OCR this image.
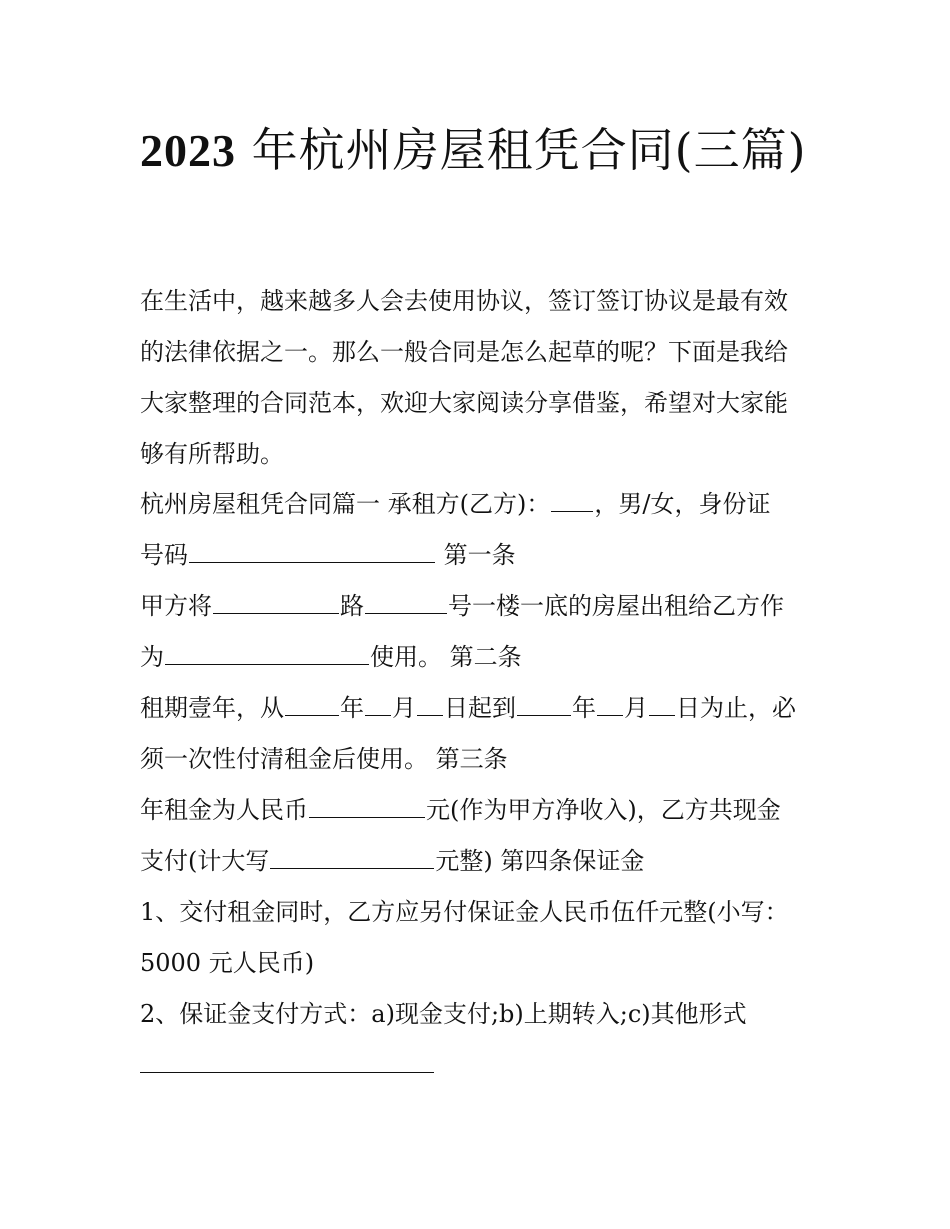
2023 年杭州房屋租凭合同(三篇)
在生活中，越来越多人会去使用协议，签订签订协议是最有效
的法律依据之一。那么一般合同是怎么起草的呢？下面是我给
大家整理的合同范本，欢迎大家阅读分享借鉴，希望对大家能
够有所帮助。
杭州房屋租凭合同篇一 承租方(乙方)： ，男/女，身份证
号码	第一条
甲方将	路	号一楼一底的房屋出租给乙方作
为	使用。 第二条
租期壹年，从 年 月 日起到 年 月 日为止，必
须一次性付清租金后使用。 第三条
年租金为人民币	元(作为甲方净收入)，乙方共现金
支付(计大写	元整) 第四条保证金
1、交付租金同时，乙方应另付保证金人民币伍仟元整(小写：
5000 元人民币)
2、保证金支付方式：a)现金支付;b)上期转入;c)其他形式
